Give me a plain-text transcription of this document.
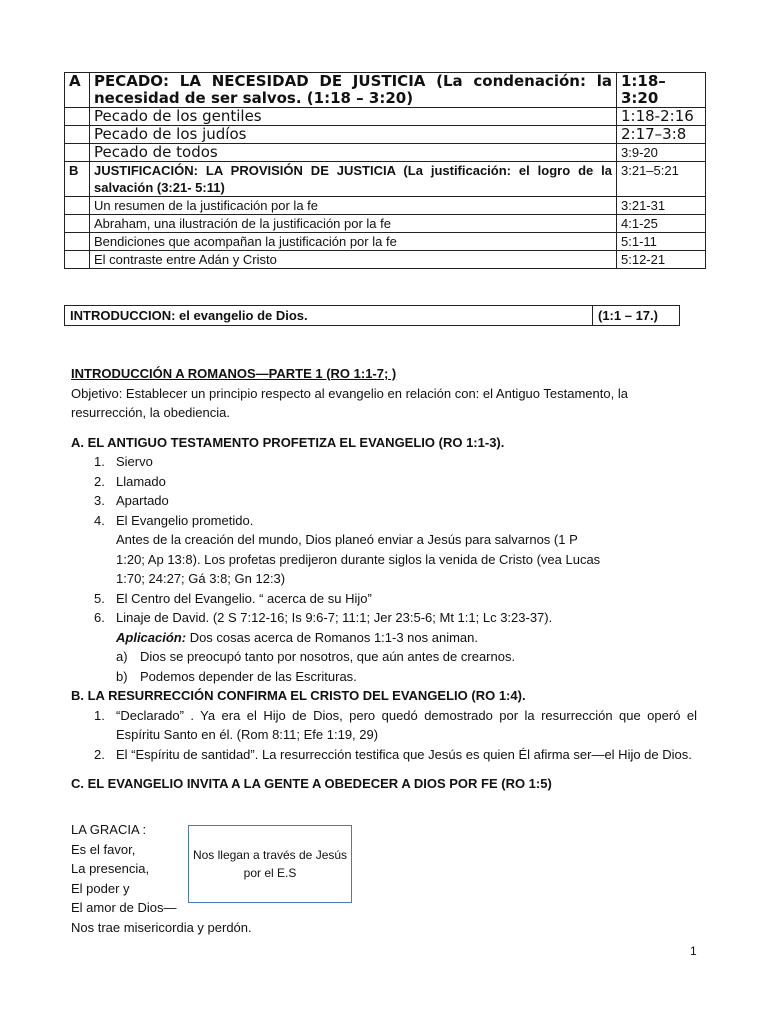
A	PECADO: LA NECESIDAD DE JUSTICIA (La condenación: la necesidad de ser salvos. (1:18 – 3:20)	1:18–3:20
	Pecado de los gentiles	1:18-2:16
	Pecado de los judíos	2:17–3:8
	Pecado de todos	3:9-20
B	JUSTIFICACIÓN: LA PROVISIÓN DE JUSTICIA (La justificación: el logro de la salvación (3:21- 5:11)	3:21–5:21
	Un resumen de la justificación por la fe	3:21-31
	Abraham, una ilustración de la justificación por la fe	4:1-25
	Bendiciones que acompañan la justificación por la fe	5:1-11
	El contraste entre Adán y Cristo	5:12-21
INTRODUCCION: el evangelio de Dios.	(1:1 – 17.)
INTRODUCCIÓN A ROMANOS—PARTE 1 (RO 1:1-7; )
Objetivo: Establecer un principio respecto al evangelio en relación con: el Antiguo Testamento, la resurrección, la obediencia.
A. EL ANTIGUO TESTAMENTO PROFETIZA EL EVANGELIO (RO 1:1-3).
1. Siervo
2. Llamado
3. Apartado
4. El Evangelio prometido.
Antes de la creación del mundo, Dios planeó enviar a Jesús para salvarnos (1 P
1:20; Ap 13:8). Los profetas predijeron durante siglos la venida de Cristo (vea Lucas
1:70; 24:27; Gá 3:8; Gn 12:3)
5. El Centro del Evangelio. “ acerca de su Hijo”
6. Linaje de David. (2 S 7:12-16; Is 9:6-7; 11:1; Jer 23:5-6; Mt 1:1; Lc 3:23-37).
Aplicación: Dos cosas acerca de Romanos 1:1-3 nos animan.
a) Dios se preocupó tanto por nosotros, que aún antes de crearnos.
b) Podemos depender de las Escrituras.
B. LA RESURRECCIÓN CONFIRMA EL CRISTO DEL EVANGELIO (RO 1:4).
1. “Declarado” . Ya era el Hijo de Dios, pero quedó demostrado por la resurrección que operó el Espíritu Santo en él. (Rom 8:11; Efe 1:19, 29)
2. El “Espíritu de santidad”. La resurrección testifica que Jesús es quien Él afirma ser—el Hijo de Dios.
C. EL EVANGELIO INVITA A LA GENTE A OBEDECER A DIOS POR FE (RO 1:5)
LA GRACIA :
Es el favor,
La presencia,
El poder y
El amor de Dios—
Nos trae misericordia y perdón.
Nos llegan a través de Jesús por el E.S
1
